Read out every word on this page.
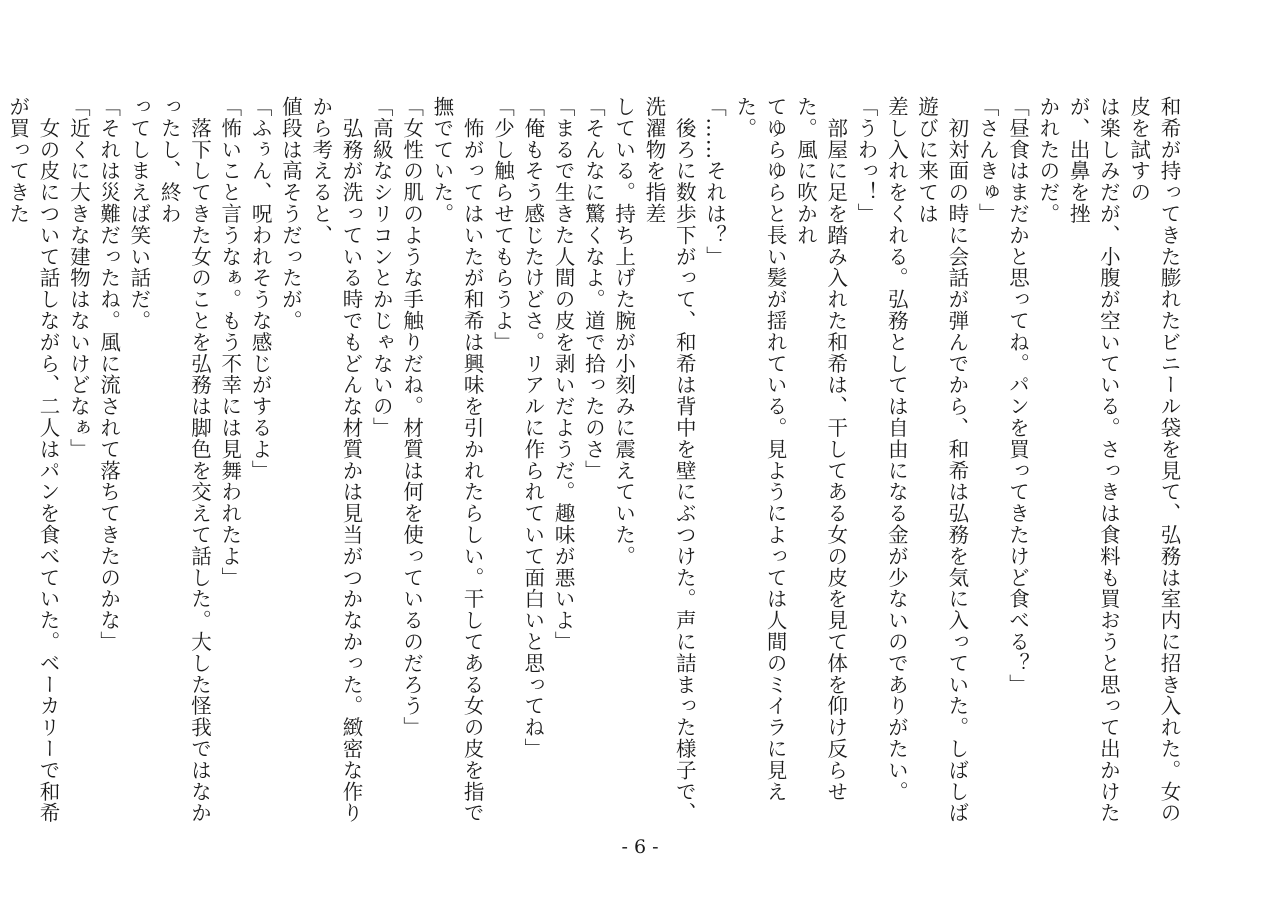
和希が持ってきた膨れたビニール袋を見て、弘務は室内に招き入れた。女の皮を試すの
は楽しみだが、小腹が空いている。さっきは食料も買おうと思って出かけたが、出鼻を挫
かれたのだ。
「昼食はまだかと思ってね。パンを買ってきたけど食べる？」
「さんきゅ」
　初対面の時に会話が弾んでから、和希は弘務を気に入っていた。しばしば遊びに来ては
差し入れをくれる。弘務としては自由になる金が少ないのでありがたい。
「うわっ！」
　部屋に足を踏み入れた和希は、干してある女の皮を見て体を仰け反らせた。風に吹かれ
てゆらゆらと長い髪が揺れている。見ようによっては人間のミイラに見えた。
「……それは？」
　後ろに数歩下がって、和希は背中を壁にぶつけた。声に詰まった様子で、洗濯物を指差
している。持ち上げた腕が小刻みに震えていた。
「そんなに驚くなよ。道で拾ったのさ」
「まるで生きた人間の皮を剥いだようだ。趣味が悪いよ」
「俺もそう感じたけどさ。リアルに作られていて面白いと思ってね」
「少し触らせてもらうよ」
　怖がってはいたが和希は興味を引かれたらしい。干してある女の皮を指で撫でていた。
「女性の肌のような手触りだね。材質は何を使っているのだろう」
「高級なシリコンとかじゃないの」
　弘務が洗っている時でもどんな材質かは見当がつかなかった。緻密な作りから考えると、
値段は高そうだったが。
「ふぅん、呪われそうな感じがするよ」
「怖いこと言うなぁ。もう不幸には見舞われたよ」
　落下してきた女のことを弘務は脚色を交えて話した。大した怪我ではなかったし、終わ
ってしまえば笑い話だ。
「それは災難だったね。風に流されて落ちてきたのかな」
「近くに大きな建物はないけどなぁ」
　女の皮について話しながら、二人はパンを食べていた。ベーカリーで和希が買ってきた
- 6 -
